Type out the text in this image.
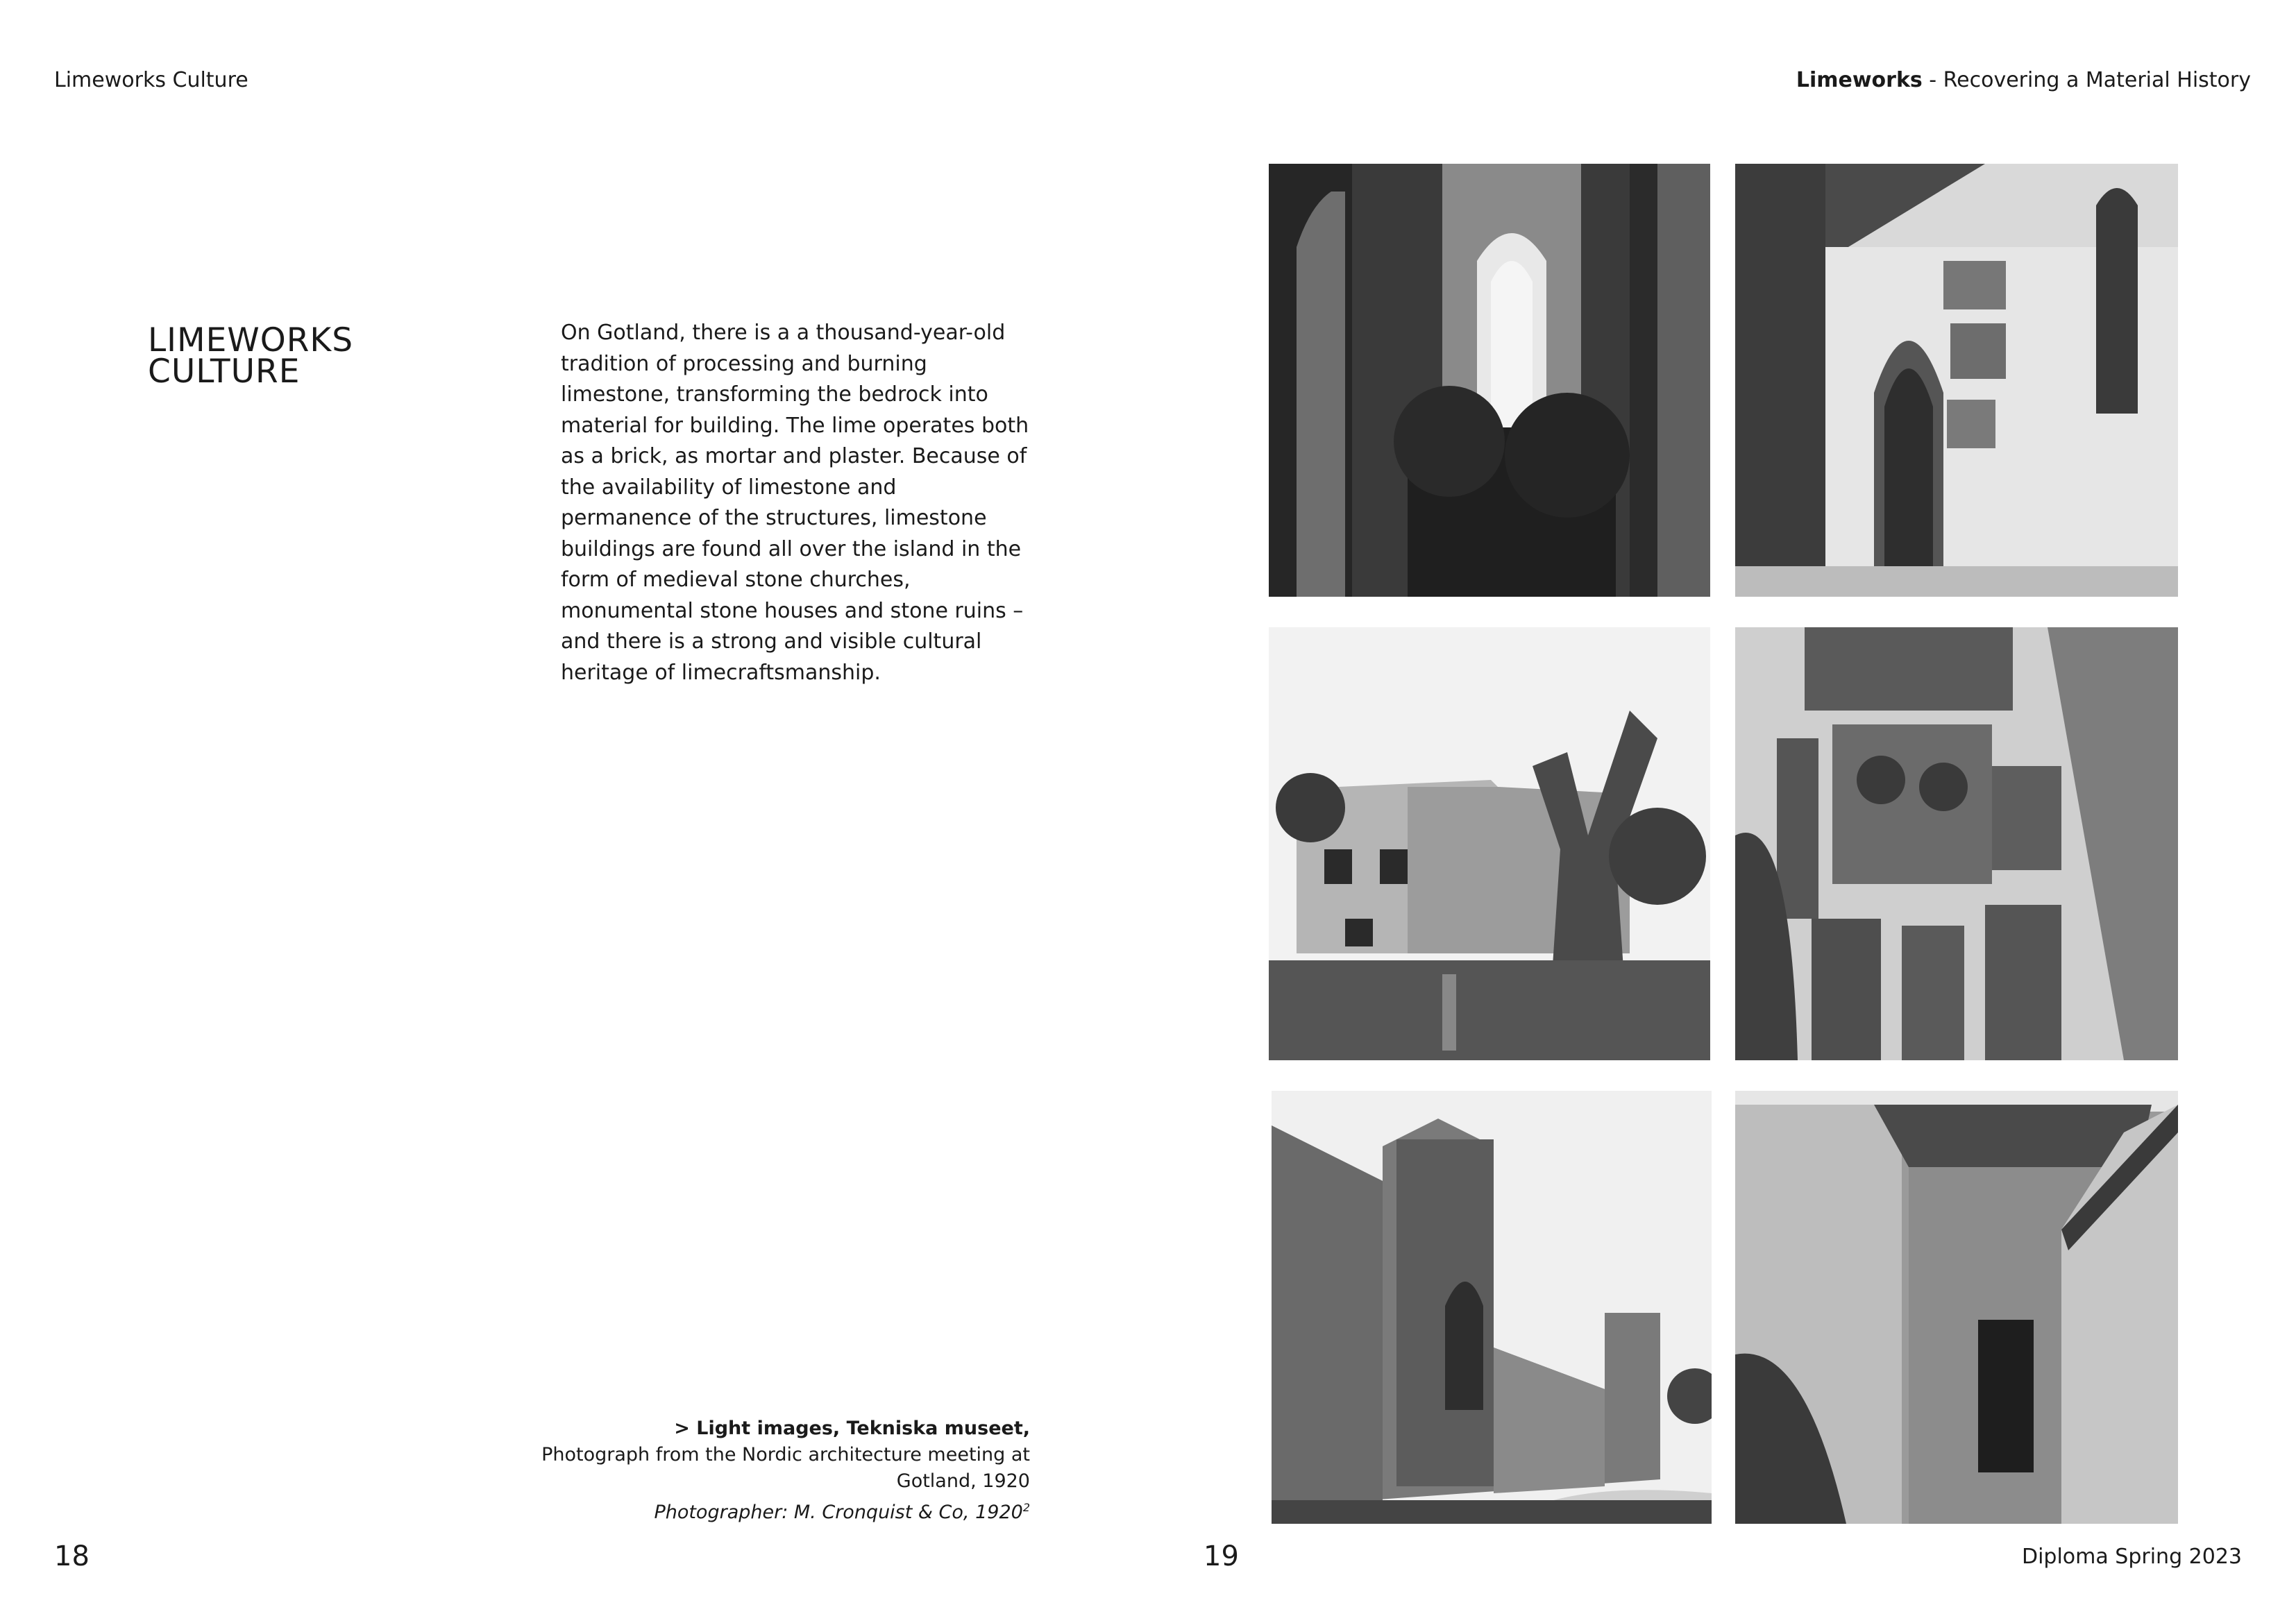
Limeworks Culture	Limeworks - Recovering a Material History
LIMEWORKS
CULTURE

On Gotland, there is a a thousand-year-old tradition of processing and burning limestone, transforming the bedrock into material for building. The lime operates both as a brick, as mortar and plaster. Because of the availability of limestone and permanence of the structures, limestone buildings are found all over the island in the form of medieval stone churches, monumental stone houses and stone ruins – and there is a strong and visible cultural heritage of limecraftsmanship.

> Light images, Tekniska museet,
Photograph from the Nordic architecture meeting at Gotland, 1920
Photographer: M. Cronquist & Co, 1920$^2$
18	19	Diploma Spring 2023
